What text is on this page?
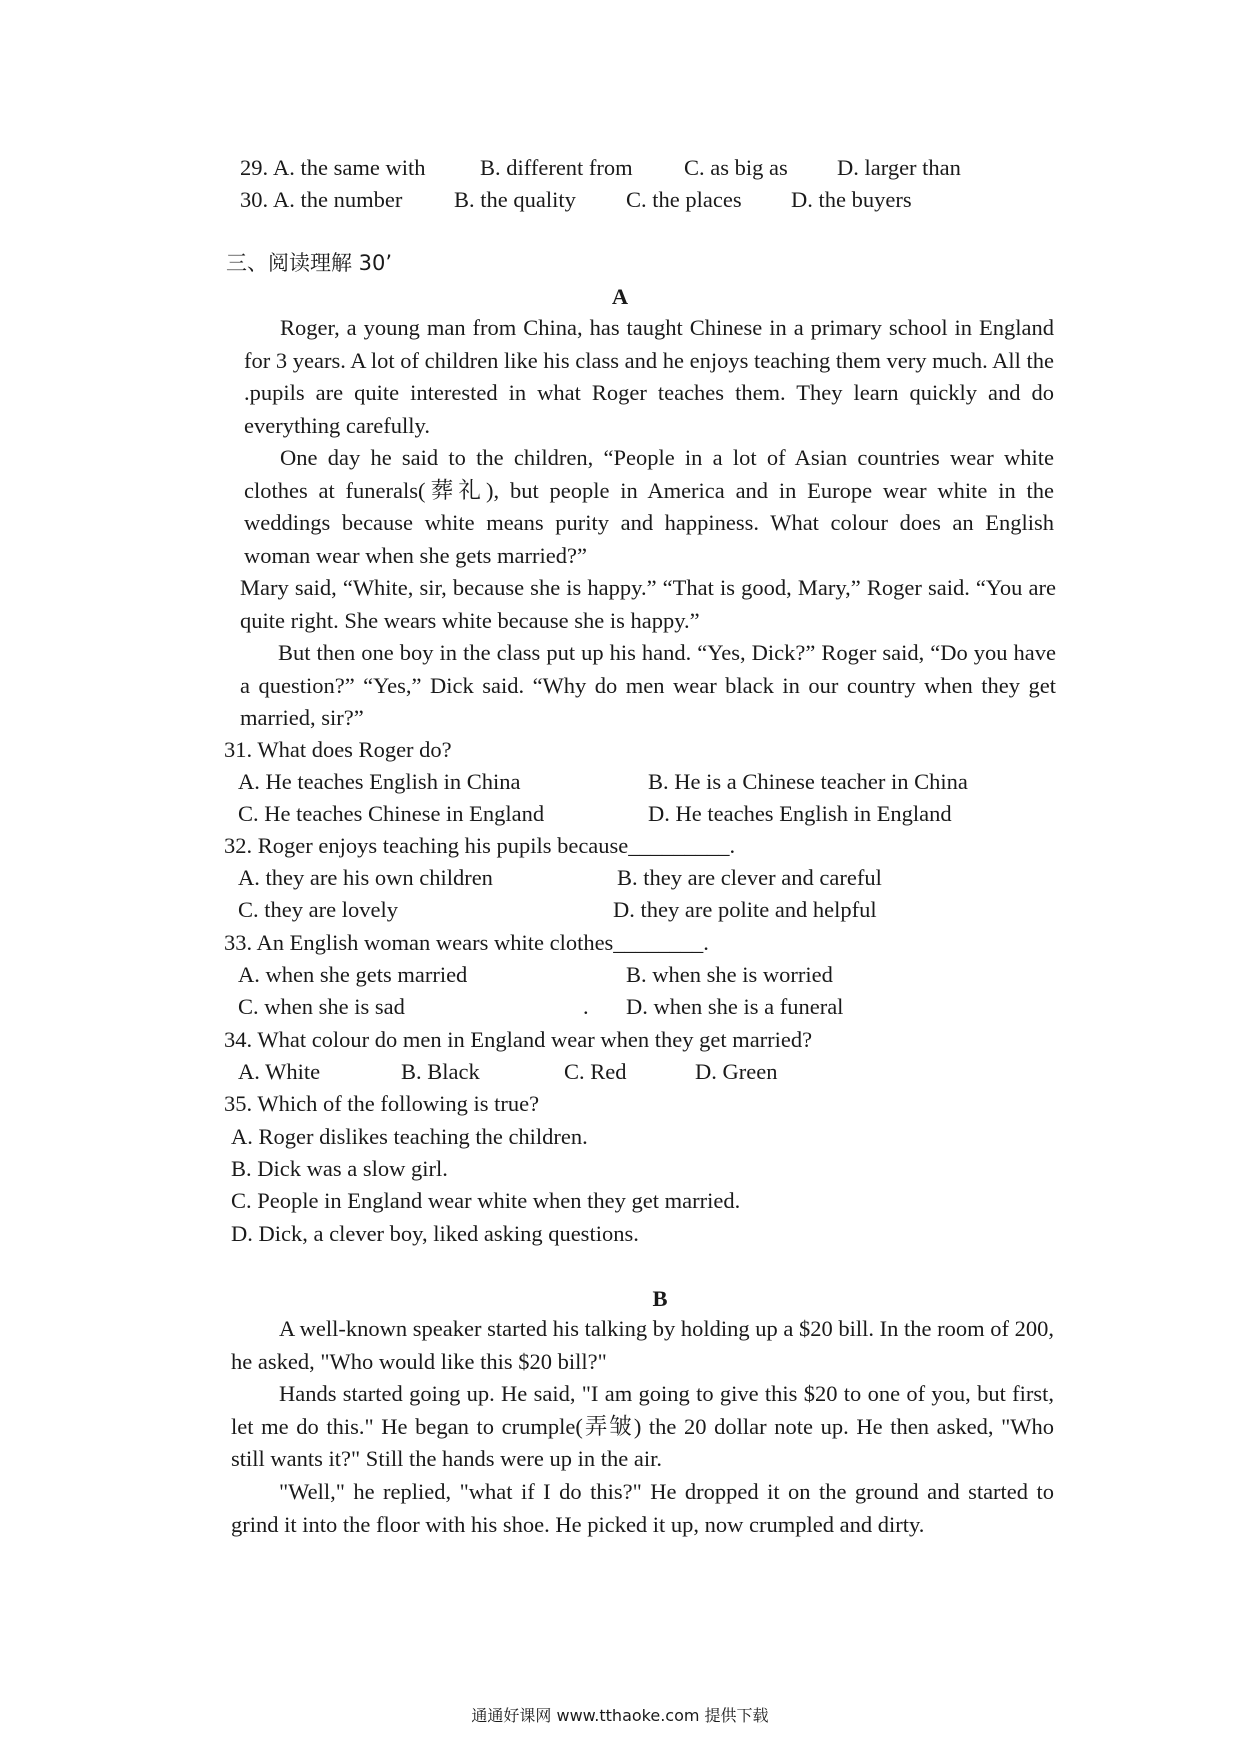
29. A. the same with B. different from C. as big as D. larger than
30. A. the number B. the quality C. the places D. the buyers
三、阅读理解 30’
A
Roger, a young man from China, has taught Chinese in a primary school in England for 3 years. A lot of children like his class and he enjoys teaching them very much. All the .pupils are quite interested in what Roger teaches them. They learn quickly and do everything carefully.
One day he said to the children, “People in a lot of Asian countries wear white clothes at funerals(葬礼), but people in America and in Europe wear white in the weddings because white means purity and happiness. What colour does an English woman wear when she gets married?”
Mary said, “White, sir, because she is happy.” “That is good, Mary,” Roger said. “You are quite right. She wears white because she is happy.”
But then one boy in the class put up his hand. “Yes, Dick?” Roger said, “Do you have a question?” “Yes,” Dick said. “Why do men wear black in our country when they get married, sir?”
31. What does Roger do?
A. He teaches English in China	B. He is a Chinese teacher in China
C. He teaches Chinese in England	D. He teaches English in England
32. Roger enjoys teaching his pupils because_________.
A. they are his own children	B. they are clever and careful
C. they are lovely	D. they are polite and helpful
33. An English woman wears white clothes________.
A. when she gets married	B. when she is worried
C. when she is sad	. D. when she is a funeral
34. What colour do men in England wear when they get married?
A. White	B. Black	C. Red	D. Green
35. Which of the following is true?
A. Roger dislikes teaching the children.
B. Dick was a slow girl.
C. People in England wear white when they get married.
D. Dick, a clever boy, liked asking questions.
B
A well-known speaker started his talking by holding up a $20 bill. In the room of 200, he asked, "Who would like this $20 bill?"
Hands started going up. He said, "I am going to give this $20 to one of you, but first, let me do this." He began to crumple(弄皱) the 20 dollar note up. He then asked, "Who still wants it?" Still the hands were up in the air.
"Well," he replied, "what if I do this?" He dropped it on the ground and started to grind it into the floor with his shoe. He picked it up, now crumpled and dirty.
通通好课网 www.tthaoke.com 提供下载
